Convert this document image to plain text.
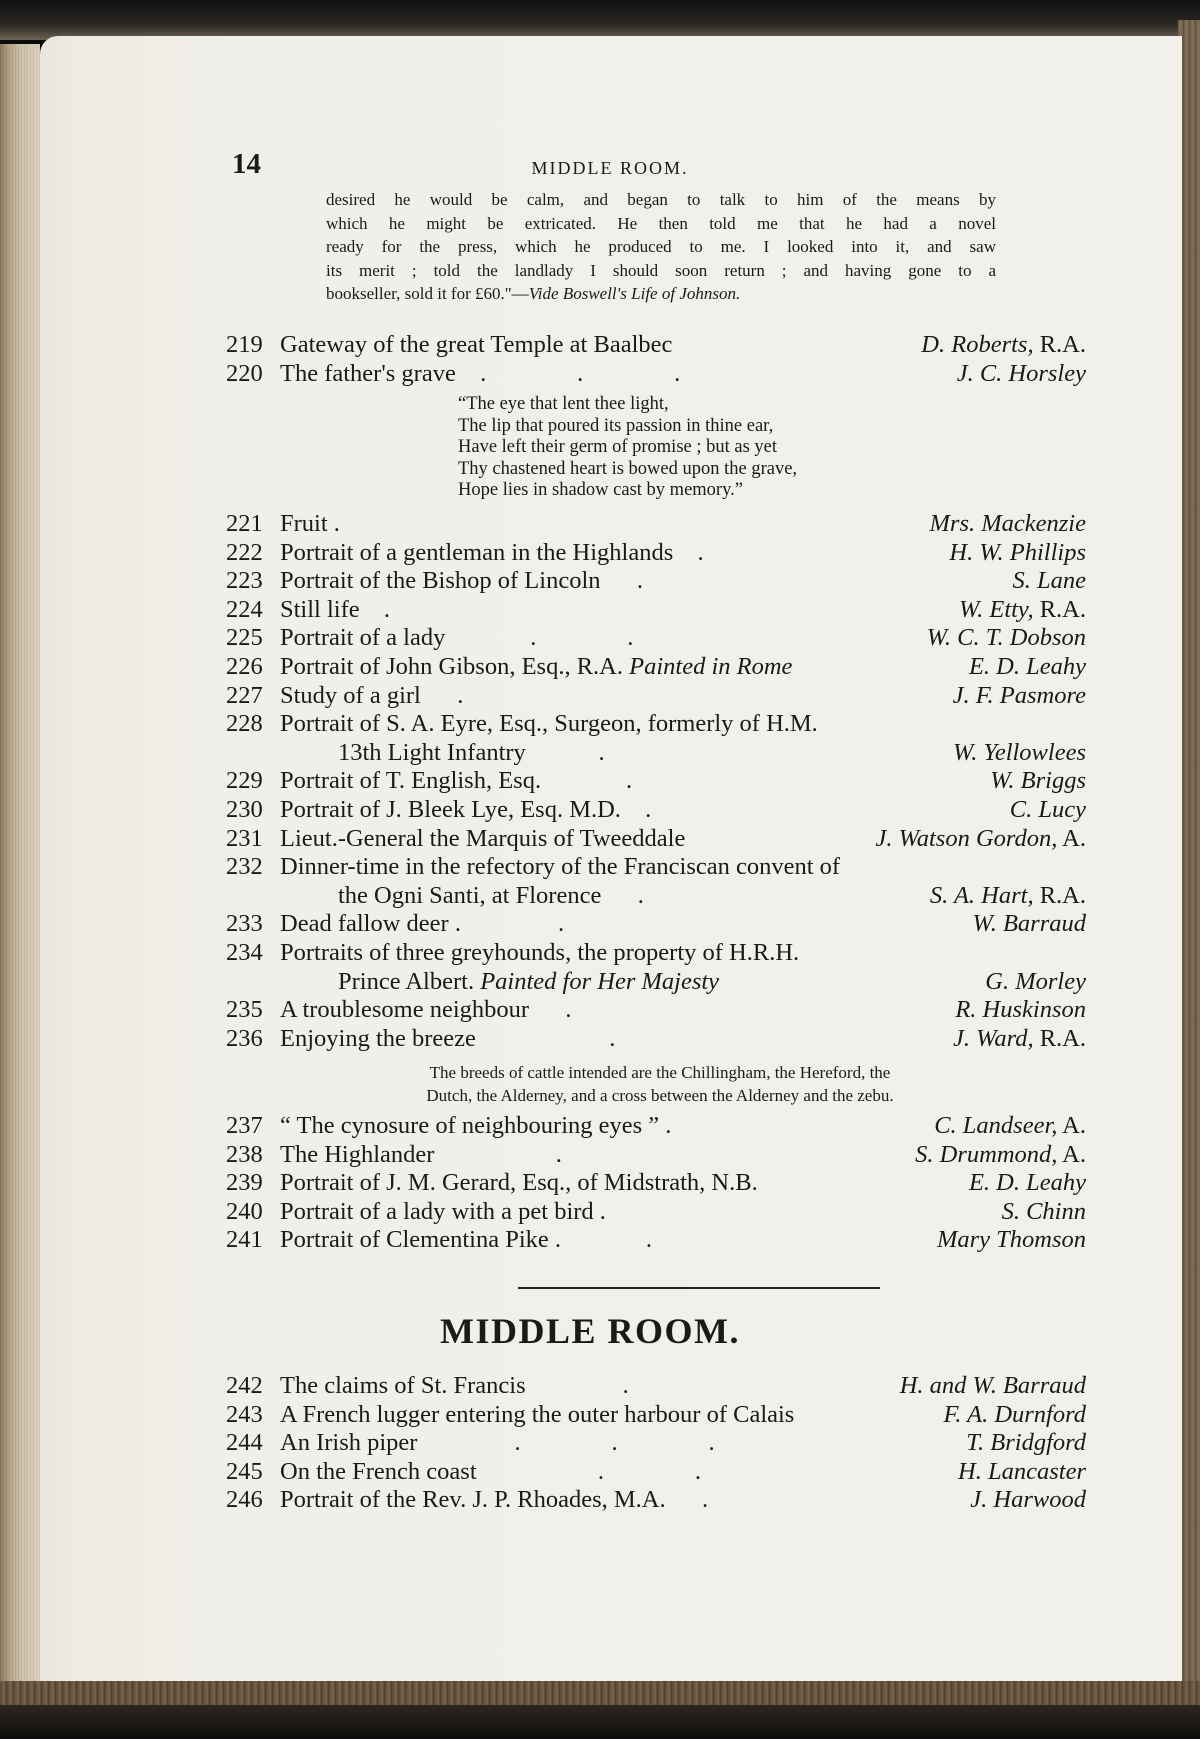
14	MIDDLE ROOM.
desired he would be calm, and began to talk to him of the means by
which he might be extricated. He then told me that he had a novel
ready for the press, which he produced to me. I looked into it, and saw
its merit ; told the landlady I should soon return ; and having gone to a
bookseller, sold it for £60."—Vide Boswell's Life of Johnson.
219 Gateway of the great Temple at Baalbec	D. Roberts, R.A.
220 The father's grave  .       .       .	J. C. Horsley
“The eye that lent thee light,
The lip that poured its passion in thine ear,
Have left their germ of promise ; but as yet
Thy chastened heart is bowed upon the grave,
Hope lies in shadow cast by memory.”
221 Fruit .	Mrs. Mackenzie
222 Portrait of a gentleman in the Highlands  .	H. W. Phillips
223 Portrait of the Bishop of Lincoln   .	S. Lane
224 Still life  .	W. Etty, R.A.
225 Portrait of a lady       .       .	W. C. T. Dobson
226 Portrait of John Gibson, Esq., R.A. Painted in Rome	E. D. Leahy
227 Study of a girl   .	J. F. Pasmore
228 Portrait of S. A. Eyre, Esq., Surgeon, formerly of H.M.
13th Light Infantry      .	W. Yellowlees
229 Portrait of T. English, Esq.       .	W. Briggs
230 Portrait of J. Bleek Lye, Esq. M.D.  .	C. Lucy
231 Lieut.-General the Marquis of Tweeddale	J. Watson Gordon, A.
232 Dinner-time in the refectory of the Franciscan convent of
the Ogni Santi, at Florence   .	S. A. Hart, R.A.
233 Dead fallow deer .        .	W. Barraud
234 Portraits of three greyhounds, the property of H.R.H.
Prince Albert. Painted for Her Majesty	G. Morley
235 A troublesome neighbour   .	R. Huskinson
236 Enjoying the breeze           .	J. Ward, R.A.
The breeds of cattle intended are the Chillingham, the Hereford, the
Dutch, the Alderney, and a cross between the Alderney and the zebu.
237 “ The cynosure of neighbouring eyes ” .	C. Landseer, A.
238 The Highlander          .	S. Drummond, A.
239 Portrait of J. M. Gerard, Esq., of Midstrath, N.B.	E. D. Leahy
240 Portrait of a lady with a pet bird .	S. Chinn
241 Portrait of Clementina Pike .       .	Mary Thomson
MIDDLE ROOM.
242 The claims of St. Francis        .	H. and W. Barraud
243 A French lugger entering the outer harbour of Calais	F. A. Durnford
244 An Irish piper        .       .       .	T. Bridgford
245 On the French coast          .       .	H. Lancaster
246 Portrait of the Rev. J. P. Rhoades, M.A.   .	J. Harwood
